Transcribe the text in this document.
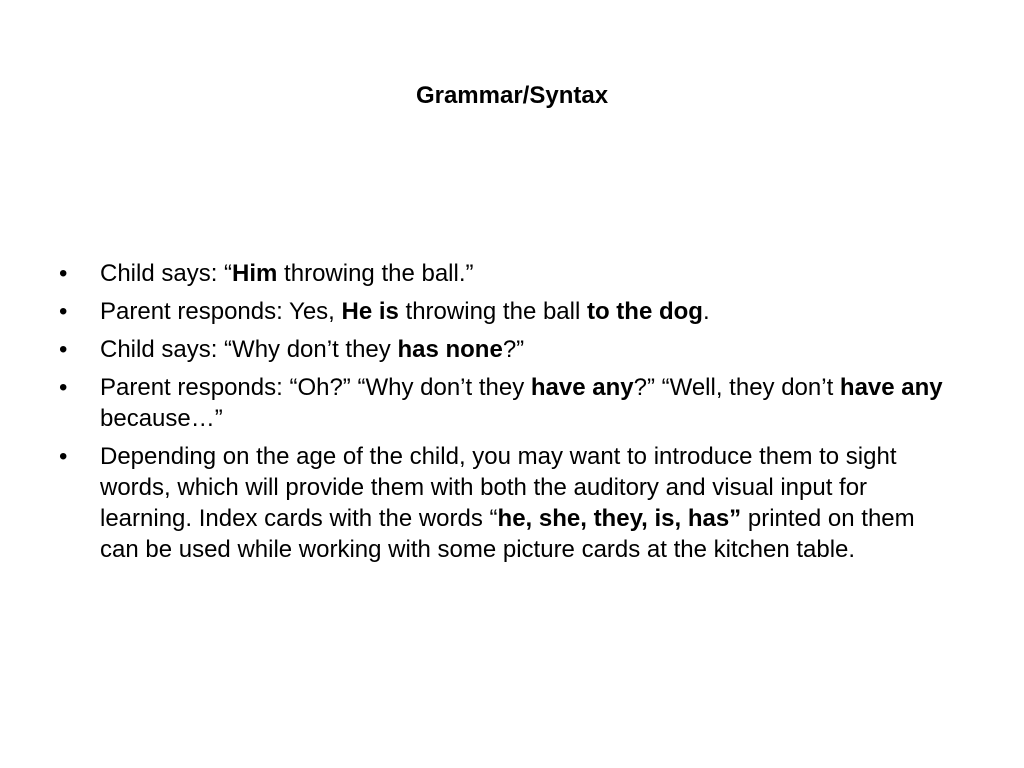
Grammar/Syntax
• Child says: “Him throwing the ball.”
• Parent responds: Yes, He is throwing the ball to the dog.
• Child says: “Why don’t they has none?”
• Parent responds: “Oh?” “Why don’t they have any?” “Well, they don’t have any because…”
• Depending on the age of the child, you may want to introduce them to sight words, which will provide them with both the auditory and visual input for learning. Index cards with the words “he, she, they, is, has” printed on them can be used while working with some picture cards at the kitchen table.
